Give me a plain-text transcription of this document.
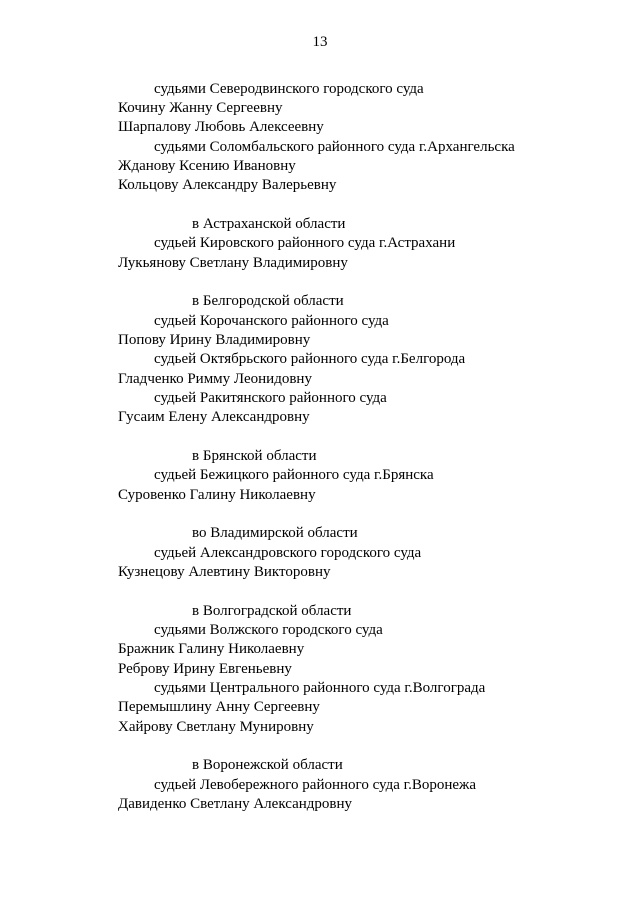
13
судьями Северодвинского городского суда
Кочину Жанну Сергеевну
Шарпалову Любовь Алексеевну
судьями Соломбальского районного суда г.Архангельска
Жданову Ксению Ивановну
Кольцову Александру Валерьевну
в Астраханской области
судьей Кировского районного суда г.Астрахани
Лукьянову Светлану Владимировну
в Белгородской области
судьей Корочанского районного суда
Попову Ирину Владимировну
судьей Октябрьского районного суда г.Белгорода
Гладченко Римму Леонидовну
судьей Ракитянского районного суда
Гусаим Елену Александровну
в Брянской области
судьей Бежицкого районного суда г.Брянска
Суровенко Галину Николаевну
во Владимирской области
судьей Александровского городского суда
Кузнецову Алевтину Викторовну
в Волгоградской области
судьями Волжского городского суда
Бражник Галину Николаевну
Реброву Ирину Евгеньевну
судьями Центрального районного суда г.Волгограда
Перемышлину Анну Сергеевну
Хайрову Светлану Мунировну
в Воронежской области
судьей Левобережного районного суда г.Воронежа
Давиденко Светлану Александровну
